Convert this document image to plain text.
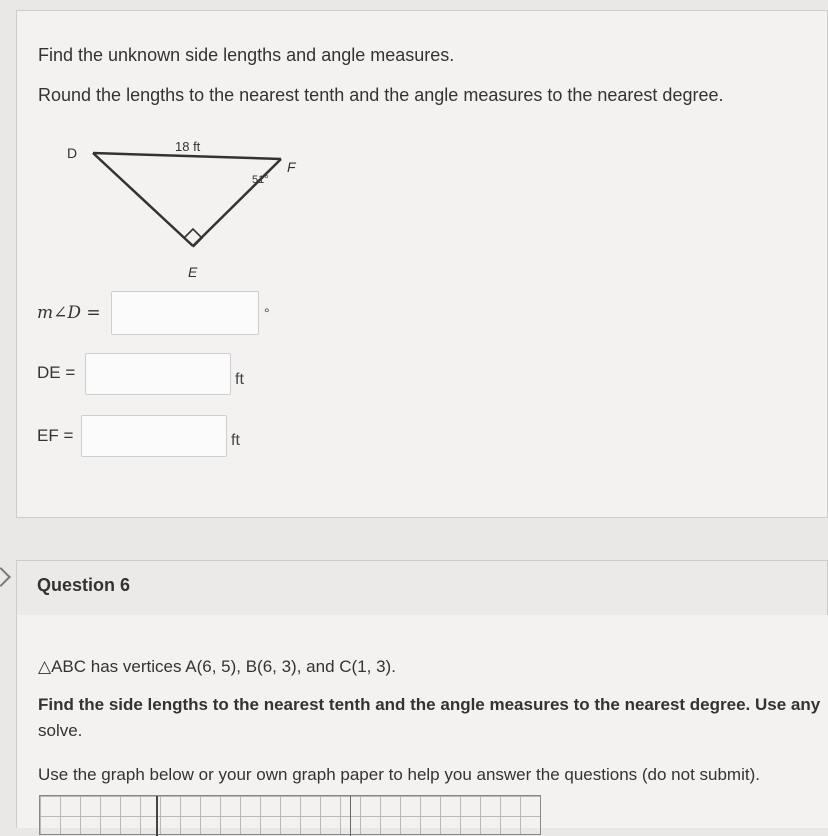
Find the unknown side lengths and angle measures.
Round the lengths to the nearest tenth and the angle measures to the nearest degree.
D
F
E
18 ft
51°
m∠D =	°
DE =	ft
EF =	ft
Question 6
△ABC has vertices A(6, 5), B(6, 3), and C(1, 3).
Find the side lengths to the nearest tenth and the angle measures to the nearest degree. Use any
solve.
Use the graph below or your own graph paper to help you answer the questions (do not submit).
